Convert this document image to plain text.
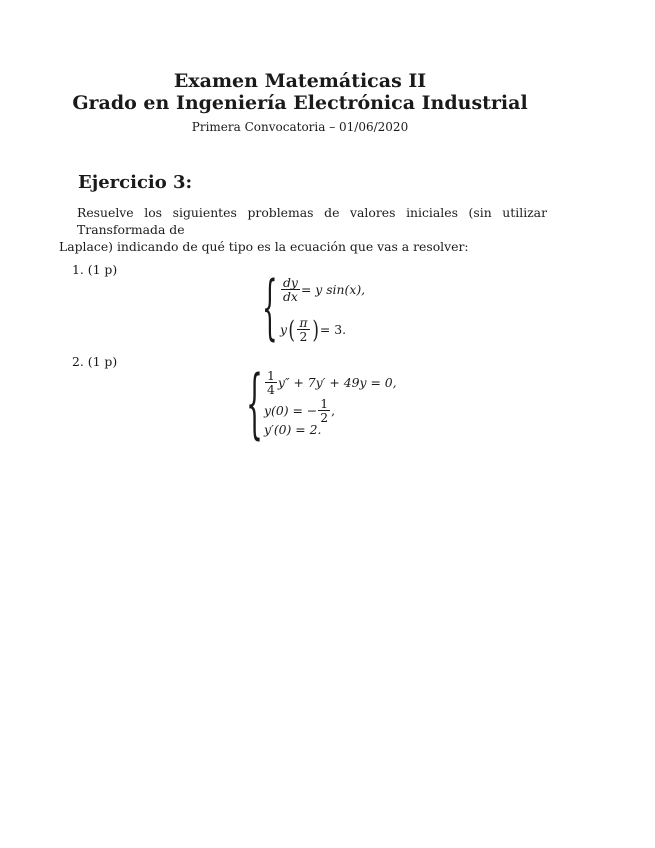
Examen Matemáticas II
Grado en Ingeniería Electrónica Industrial
Primera Convocatoria – 01/06/2020
Ejercicio 3:
Resuelve los siguientes problemas de valores iniciales (sin utilizar Transformada de
Laplace) indicando de qué tipo es la ecuación que vas a resolver:
1. (1 p) { $\frac{dy}{dx} = y$ sin(x),
y ( $\frac{\pi}{2}$ ) = 3.
2. (1 p) { $\frac{1}{4} y'' + 7y' + 49y = 0$,
y(0) = − $\frac{1}{2}$ ,
y′(0) = 2.
